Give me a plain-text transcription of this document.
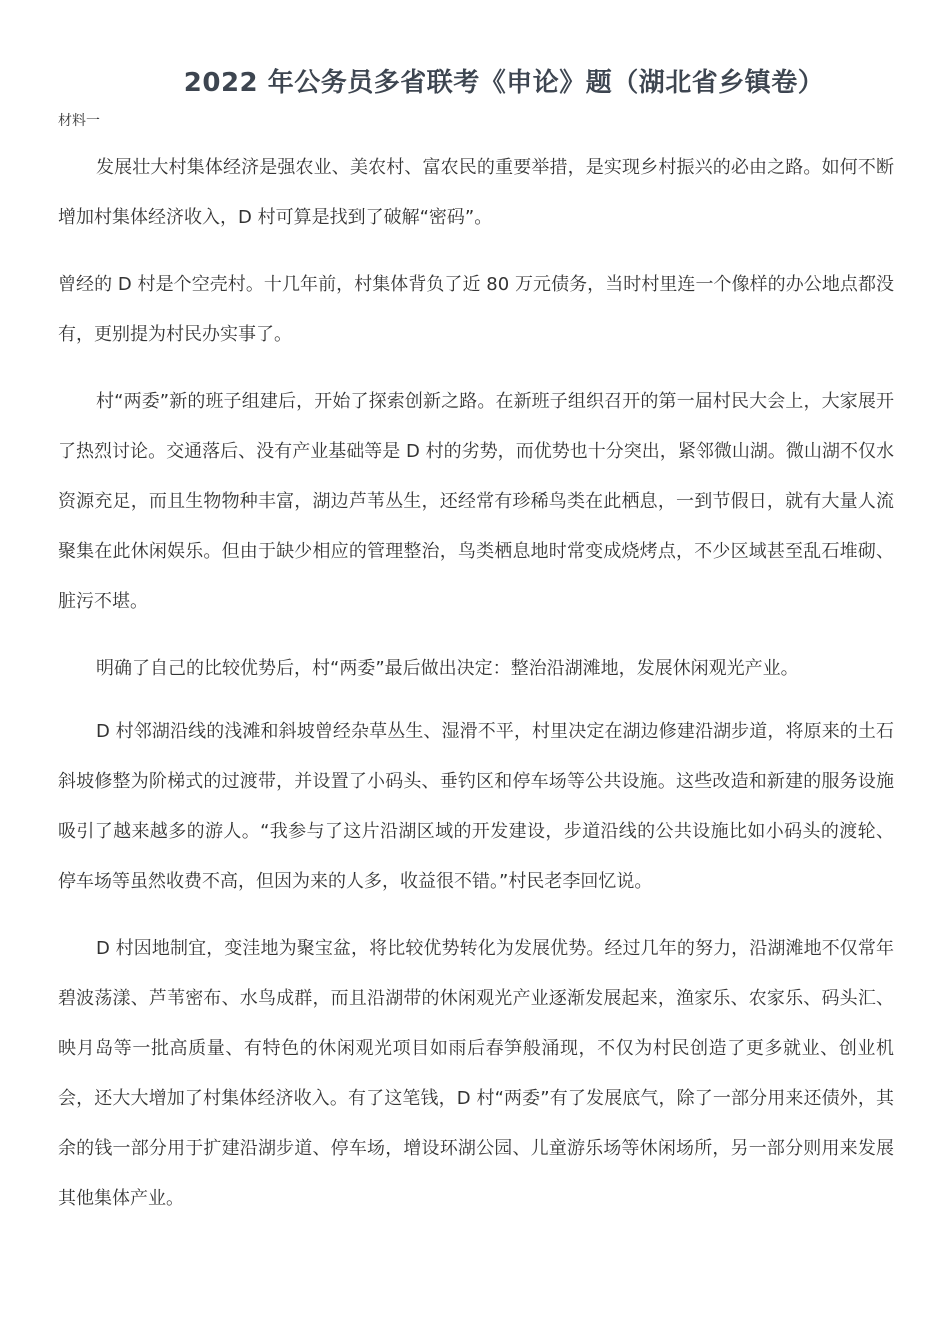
2022 年公务员多省联考《申论》题（湖北省乡镇卷）
材料一

发展壮大村集体经济是强农业、美农村、富农民的重要举措，是实现乡村振兴的必由之路。如何不断增加村集体经济收入，D 村可算是找到了破解“密码”。

曾经的 D 村是个空壳村。十几年前，村集体背负了近 80 万元债务，当时村里连一个像样的办公地点都没有，更别提为村民办实事了。

村“两委”新的班子组建后，开始了探索创新之路。在新班子组织召开的第一届村民大会上，大家展开了热烈讨论。交通落后、没有产业基础等是 D 村的劣势，而优势也十分突出，紧邻微山湖。微山湖不仅水资源充足，而且生物物种丰富，湖边芦苇丛生，还经常有珍稀鸟类在此栖息，一到节假日，就有大量人流聚集在此休闲娱乐。但由于缺少相应的管理整治，鸟类栖息地时常变成烧烤点，不少区域甚至乱石堆砌、脏污不堪。

明确了自己的比较优势后，村“两委”最后做出决定：整治沿湖滩地，发展休闲观光产业。

D 村邻湖沿线的浅滩和斜坡曾经杂草丛生、湿滑不平，村里决定在湖边修建沿湖步道，将原来的土石斜坡修整为阶梯式的过渡带，并设置了小码头、垂钓区和停车场等公共设施。这些改造和新建的服务设施吸引了越来越多的游人。“我参与了这片沿湖区域的开发建设，步道沿线的公共设施比如小码头的渡轮、停车场等虽然收费不高，但因为来的人多，收益很不错。”村民老李回忆说。

D 村因地制宜，变洼地为聚宝盆，将比较优势转化为发展优势。经过几年的努力，沿湖滩地不仅常年碧波荡漾、芦苇密布、水鸟成群，而且沿湖带的休闲观光产业逐渐发展起来，渔家乐、农家乐、码头汇、映月岛等一批高质量、有特色的休闲观光项目如雨后春笋般涌现，不仅为村民创造了更多就业、创业机会，还大大增加了村集体经济收入。有了这笔钱，D 村“两委”有了发展底气，除了一部分用来还债外，其余的钱一部分用于扩建沿湖步道、停车场，增设环湖公园、儿童游乐场等休闲场所，另一部分则用来发展其他集体产业。
